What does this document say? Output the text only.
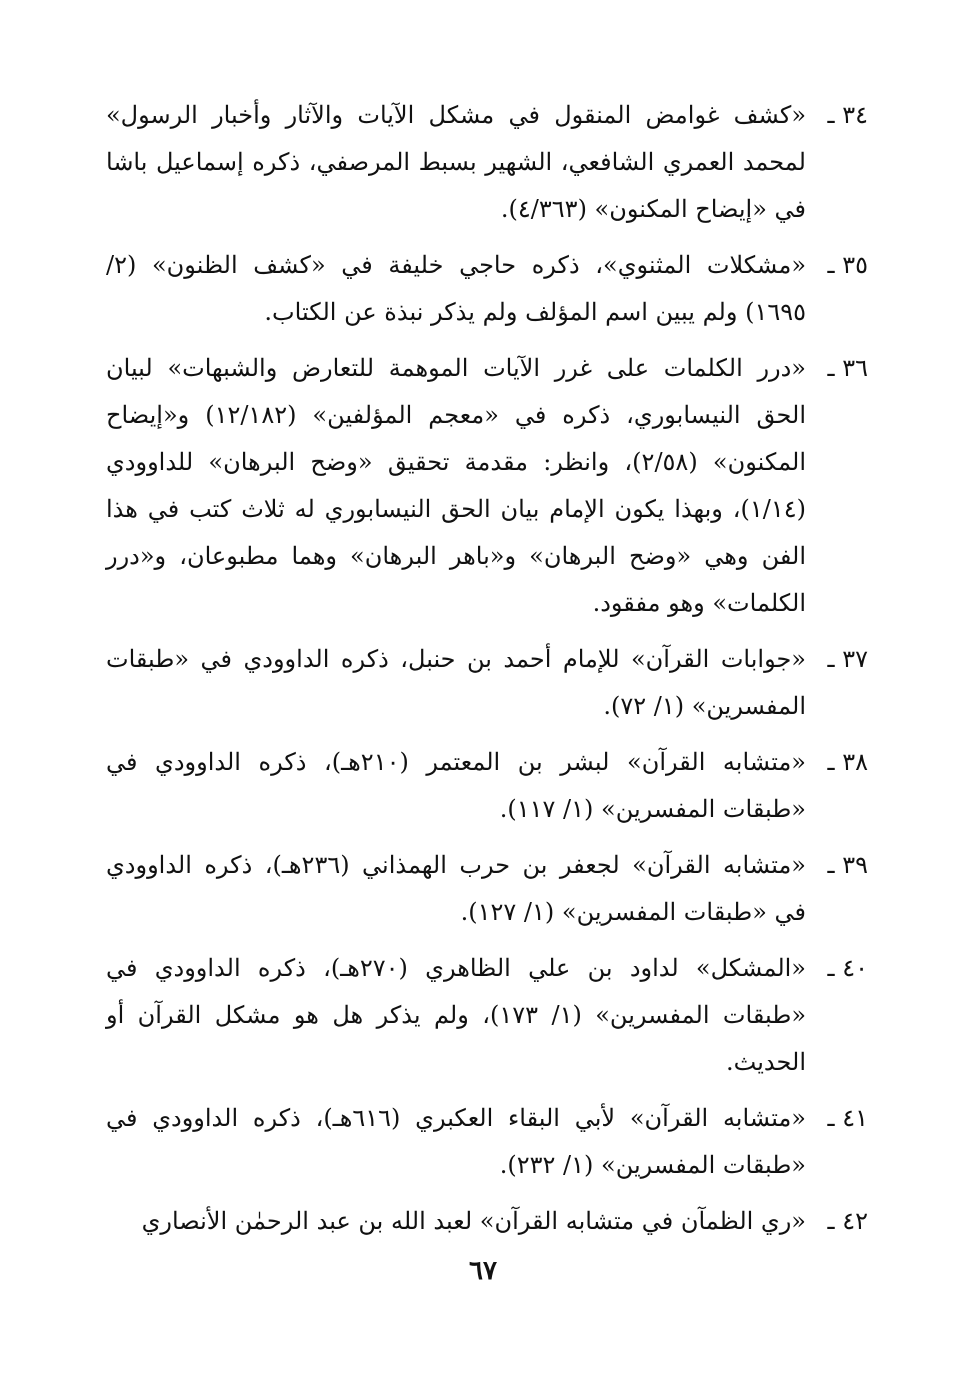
٣٤ ـ
«كشف غوامض المنقول في مشكل الآيات والآثار وأخبار الرسول» لمحمد العمري الشافعي، الشهير بسبط المرصفي، ذكره إسماعيل باشا في «إيضاح المكنون» (٤/٣٦٣).
٣٥ ـ
«مشكلات المثنوي»، ذكره حاجي خليفة في «كشف الظنون» (٢/ ١٦٩٥) ولم يبين اسم المؤلف ولم يذكر نبذة عن الكتاب.
٣٦ ـ
«درر الكلمات على غرر الآيات الموهمة للتعارض والشبهات» لبيان الحق النيسابوري، ذكره في «معجم المؤلفين» (١٢/١٨٢) و«إيضاح المكنون» (٢/٥٨)، وانظر: مقدمة تحقيق «وضح البرهان» للداوودي (١/١٤)، وبهذا يكون الإمام بيان الحق النيسابوري له ثلاث كتب في هذا الفن وهي «وضح البرهان» و«باهر البرهان» وهما مطبوعان، و«درر الكلمات» وهو مفقود.
٣٧ ـ
«جوابات القرآن» للإمام أحمد بن حنبل، ذكره الداوودي في «طبقات المفسرين» (١/ ٧٢).
٣٨ ـ
«متشابه القرآن» لبشر بن المعتمر (٢١٠هـ)، ذكره الداوودي في «طبقات المفسرين» (١/ ١١٧).
٣٩ ـ
«متشابه القرآن» لجعفر بن حرب الهمذاني (٢٣٦هـ)، ذكره الداوودي في «طبقات المفسرين» (١/ ١٢٧).
٤٠ ـ
«المشكل» لداود بن علي الظاهري (٢٧٠هـ)، ذكره الداوودي في «طبقات المفسرين» (١/ ١٧٣)، ولم يذكر هل هو مشكل القرآن أو الحديث.
٤١ ـ
«متشابه القرآن» لأبي البقاء العكبري (٦١٦هـ)، ذكره الداوودي في «طبقات المفسرين» (١/ ٢٣٢).
٤٢ ـ
«ري الظمآن في متشابه القرآن» لعبد الله بن عبد الرحمٰن الأنصاري
٦٧
